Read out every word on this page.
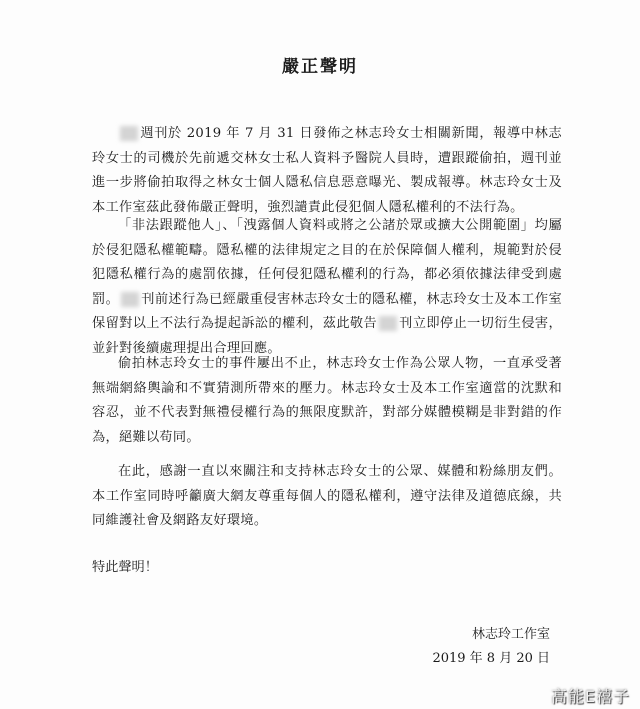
嚴正聲明
週刊於 2019 年 7 月 31 日發佈之林志玲女士相關新聞，報導中林志玲女士的司機於先前遞交林女士私人資料予醫院人員時，遭跟蹤偷拍，週刊並進一步將偷拍取得之林女士個人隱私信息惡意曝光、製成報導。林志玲女士及本工作室茲此發佈嚴正聲明，強烈譴責此侵犯個人隱私權利的不法行為。
「非法跟蹤他人」、「洩露個人資料或將之公諸於眾或擴大公開範圍」均屬於侵犯隱私權範疇。隱私權的法律規定之目的在於保障個人權利，規範對於侵犯隱私權行為的處罰依據，任何侵犯隱私權利的行為，都必須依據法律受到處罰。 刊前述行為已經嚴重侵害林志玲女士的隱私權，林志玲女士及本工作室保留對以上不法行為提起訴訟的權利，茲此敬告 刊立即停止一切衍生侵害，並針對後續處理提出合理回應。
偷拍林志玲女士的事件屢出不止，林志玲女士作為公眾人物，一直承受著無端網絡輿論和不實猜測所帶來的壓力。林志玲女士及本工作室適當的沈默和容忍，並不代表對無禮侵權行為的無限度默許，對部分媒體模糊是非對錯的作為，絕難以苟同。
在此，感謝一直以來關注和支持林志玲女士的公眾、媒體和粉絲朋友們。本工作室同時呼籲廣大網友尊重每個人的隱私權利，遵守法律及道德底線，共同維護社會及網路友好環境。
特此聲明！
林志玲工作室
2019 年 8 月 20 日
高能E禧子
